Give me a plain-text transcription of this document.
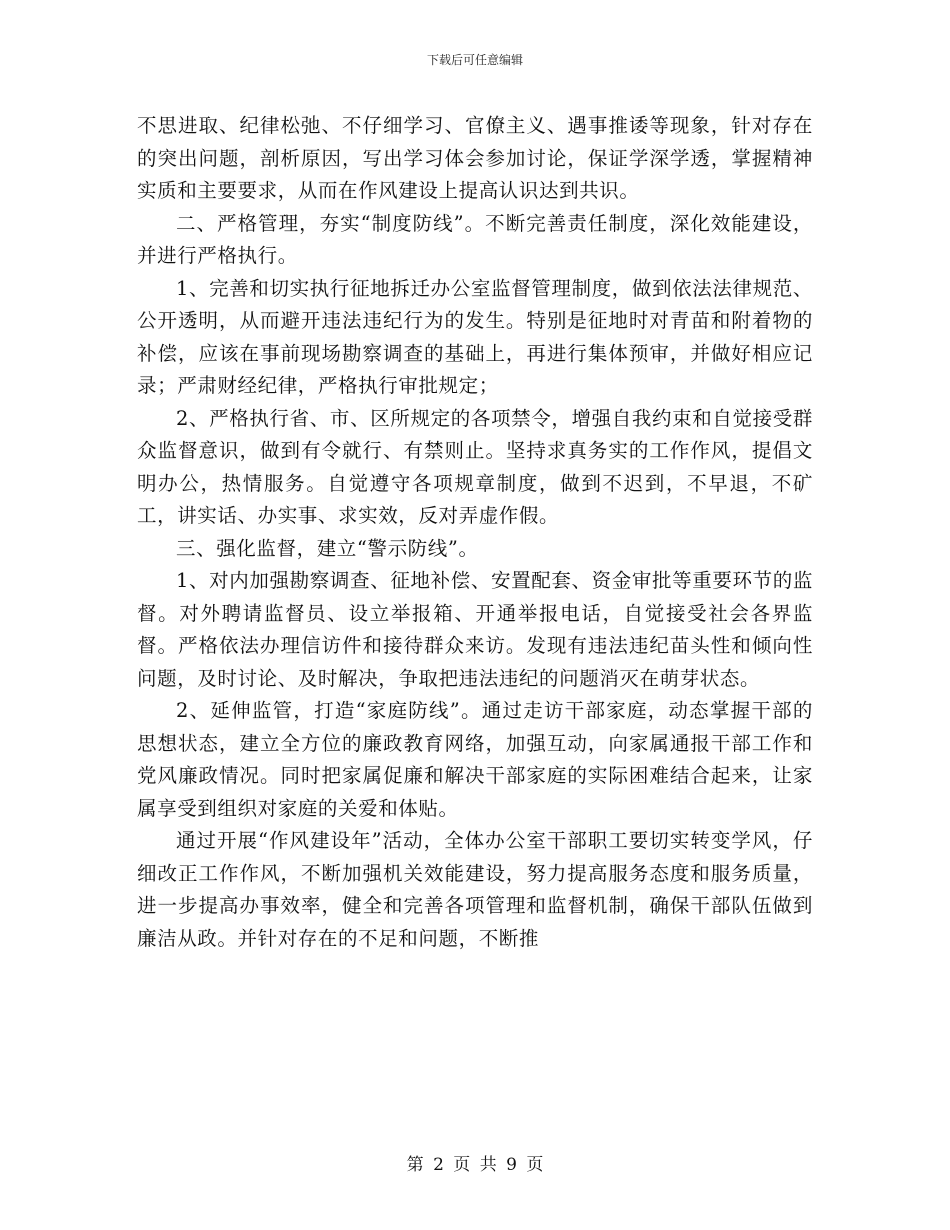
下载后可任意编辑

不思进取、纪律松弛、不仔细学习、官僚主义、遇事推诿等现象，针对存在的突出问题，剖析原因，写出学习体会参加讨论，保证学深学透，掌握精神实质和主要要求，从而在作风建设上提高认识达到共识。

二、严格管理，夯实“制度防线”。不断完善责任制度，深化效能建设，并进行严格执行。

1、完善和切实执行征地拆迁办公室监督管理制度，做到依法法律规范、公开透明，从而避开违法违纪行为的发生。特别是征地时对青苗和附着物的补偿，应该在事前现场勘察调查的基础上，再进行集体预审，并做好相应记录；严肃财经纪律，严格执行审批规定；

2、严格执行省、市、区所规定的各项禁令，增强自我约束和自觉接受群众监督意识，做到有令就行、有禁则止。坚持求真务实的工作作风，提倡文明办公，热情服务。自觉遵守各项规章制度，做到不迟到，不早退，不矿工，讲实话、办实事、求实效，反对弄虚作假。

三、强化监督，建立“警示防线”。

1、对内加强勘察调查、征地补偿、安置配套、资金审批等重要环节的监督。对外聘请监督员、设立举报箱、开通举报电话，自觉接受社会各界监督。严格依法办理信访件和接待群众来访。发现有违法违纪苗头性和倾向性问题，及时讨论、及时解决，争取把违法违纪的问题消灭在萌芽状态。

2、延伸监管，打造“家庭防线”。通过走访干部家庭，动态掌握干部的思想状态，建立全方位的廉政教育网络，加强互动，向家属通报干部工作和党风廉政情况。同时把家属促廉和解决干部家庭的实际困难结合起来，让家属享受到组织对家庭的关爱和体贴。

通过开展“作风建设年”活动，全体办公室干部职工要切实转变学风，仔细改正工作作风，不断加强机关效能建设，努力提高服务态度和服务质量，进一步提高办事效率，健全和完善各项管理和监督机制，确保干部队伍做到廉洁从政。并针对存在的不足和问题，不断推

第 2 页 共 9 页
